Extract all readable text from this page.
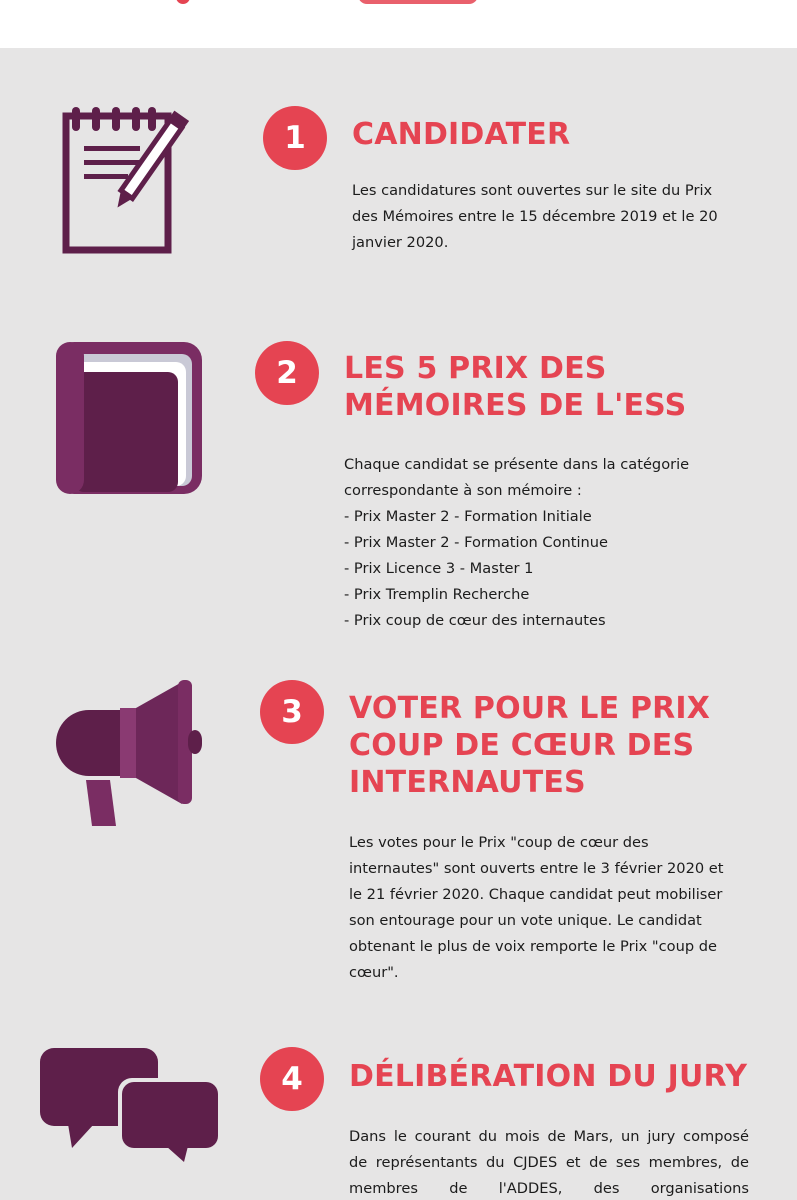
1	CANDIDATER

Les candidatures sont ouvertes sur le site du Prix
des Mémoires entre le 15 décembre 2019 et le 20
janvier 2020.

2	LES 5 PRIX DES MÉMOIRES DE L'ESS

Chaque candidat se présente dans la catégorie
correspondante à son mémoire :
- Prix Master 2 - Formation Initiale
- Prix Master 2 - Formation Continue
- Prix Licence 3 - Master 1
- Prix Tremplin Recherche
- Prix coup de cœur des internautes

3	VOTER POUR LE PRIX COUP DE CŒUR DES INTERNAUTES

Les votes pour le Prix "coup de cœur des
internautes" sont ouverts entre le 3 février 2020 et
le 21 février 2020. Chaque candidat peut mobiliser
son entourage pour un vote unique. Le candidat
obtenant le plus de voix remporte le Prix "coup de
cœur".

4	DÉLIBÉRATION DU JURY

Dans le courant du mois de Mars, un jury composé
de représentants du CJDES et de ses membres, de
membres de l'ADDES, des organisations
